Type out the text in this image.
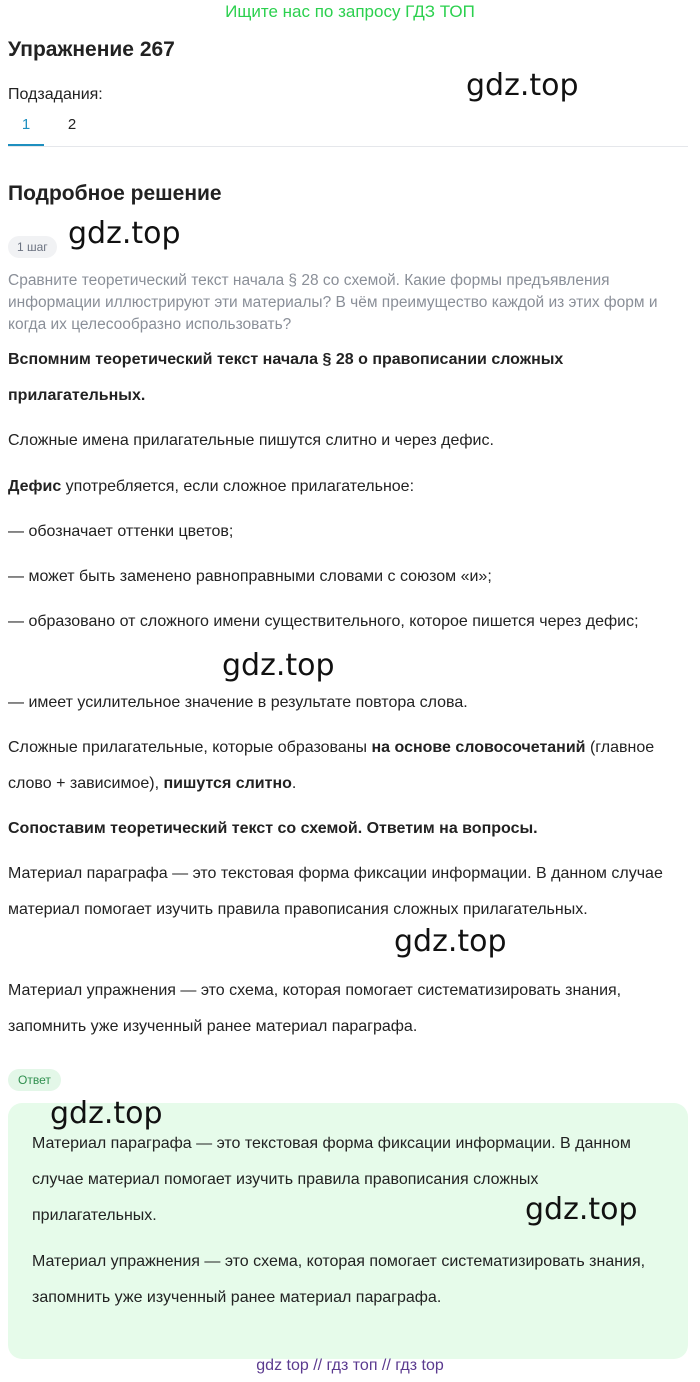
Ищите нас по запросу ГДЗ ТОП
Упражнение 267
Подзадания:
1	2
Подробное решение
1 шаг
Сравните теоретический текст начала § 28 со схемой. Какие формы предъявления информации иллюстрируют эти материалы? В чём преимущество каждой из этих форм и когда их целесообразно использовать?

Вспомним теоретический текст начала § 28 о правописании сложных прилагательных.

Сложные имена прилагательные пишутся слитно и через дефис.

Дефис употребляется, если сложное прилагательное:

— обозначает оттенки цветов;

— может быть заменено равноправными словами с союзом «и»;

— образовано от сложного имени существительного, которое пишется через дефис;

— имеет усилительное значение в результате повтора слова.

Сложные прилагательные, которые образованы на основе словосочетаний (главное слово + зависимое), пишутся слитно.

Сопоставим теоретический текст со схемой. Ответим на вопросы.

Материал параграфа — это текстовая форма фиксации информации. В данном случае материал помогает изучить правила правописания сложных прилагательных.

Материал упражнения — это схема, которая помогает систематизировать знания, запомнить уже изученный ранее материал параграфа.

Ответ

Материал параграфа — это текстовая форма фиксации информации. В данном случае материал помогает изучить правила правописания сложных прилагательных.

Материал упражнения — это схема, которая помогает систематизировать знания, запомнить уже изученный ранее материал параграфа.

gdz.top
gdz.top
gdz.top
gdz.top
gdz.top
gdz.top
gdz top // гдз топ // гдз top
